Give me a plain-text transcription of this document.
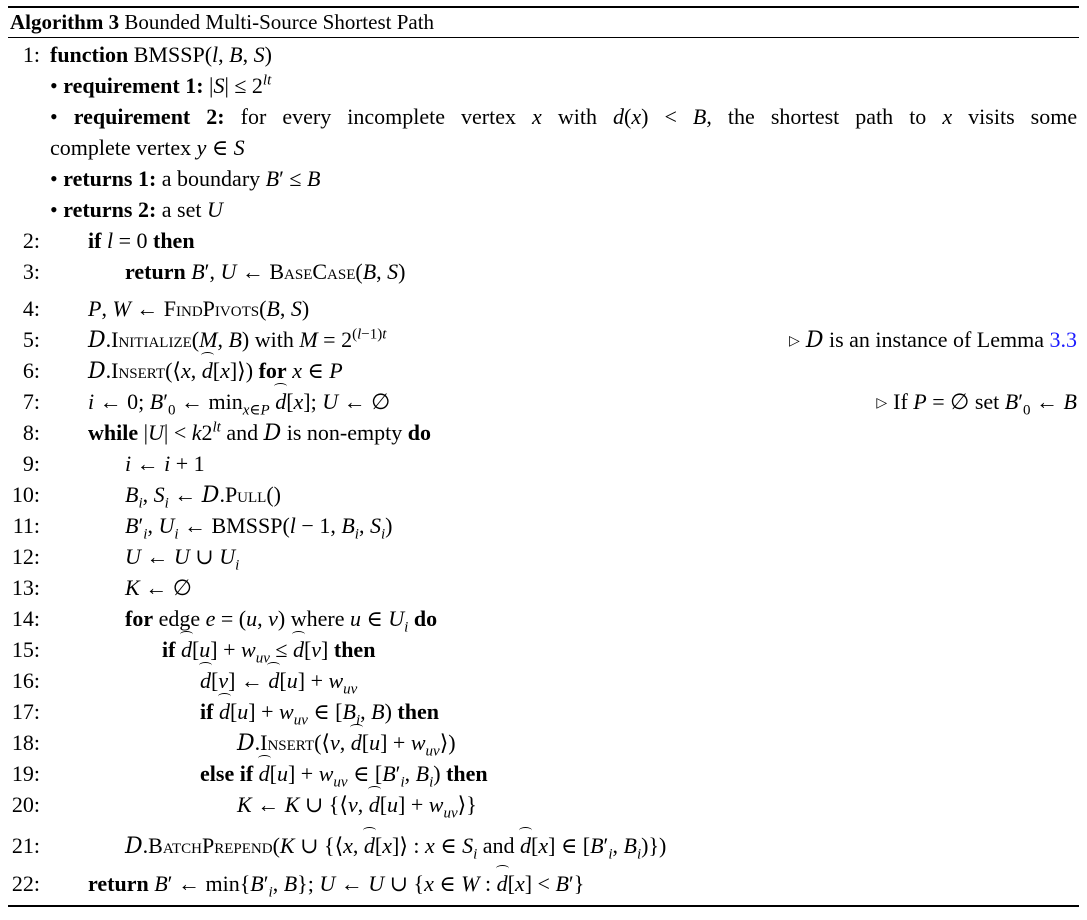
Algorithm 3 Bounded Multi-Source Shortest Path
1: function BMSSP(l, B, S)
• requirement 1: $|S| \le 2^{lt}$
• requirement 2: for every incomplete vertex x with d(x) < B, the shortest path to x visits some
complete vertex y ∈ S
• returns 1: a boundary B′ ≤ B
• returns 2: a set U
2: if l = 0 then
3:	return B′, U ← BaseCase(B, S)
4: P, W ← FindPivots(B, S)
5: D.Initialize(M, B) with $M = 2^{(l-1)t}$	▷ D is an instance of Lemma 3.3
6: D.Insert(⟨x, d[x]⟩) for x ∈ P
7: i ← 0; $B'_0$ ← $\min_{x\in P} d[x]$; U ← ∅	▷ If P = ∅ set $B'_0$ ← B
8: while $|U| < k2^{lt}$ and D is non-empty do
9:	i ← i + 1
10:	$B_i$, $S_i$ ← D.Pull()
11:	$B'_i$, $U_i$ ← BMSSP(l − 1, $B_i$, $S_i$)
12:	U ← U ∪ $U_i$
13:	K ← ∅
14:	for edge e = (u, v) where u ∈ $U_i$ do
15:	if $d[u] + w_{uv} \le d[v]$ then
16:	d[v] ← $d[u] + w_{uv}$
17:	if $d[u] + w_{uv}$ ∈ [$B_i$, B) then
18:	D.Insert(⟨v, $d[u] + w_{uv}⟩$)
19:	else if $d[u] + w_{uv}$ ∈ [$B'_i$, $B_i$) then
20:	K ← K ∪ {⟨v, $d[u] + w_{uv}⟩$}
21:	D.BatchPrepend(K ∪ {⟨x, d[x]⟩ : x ∈ $S_i$ and d[x] ∈ [$B'_i$, $B_i$)})
22: return B′ ← $\min\{B'_i$, B}; U ← U ∪ {x ∈ W : d[x] < B′}
